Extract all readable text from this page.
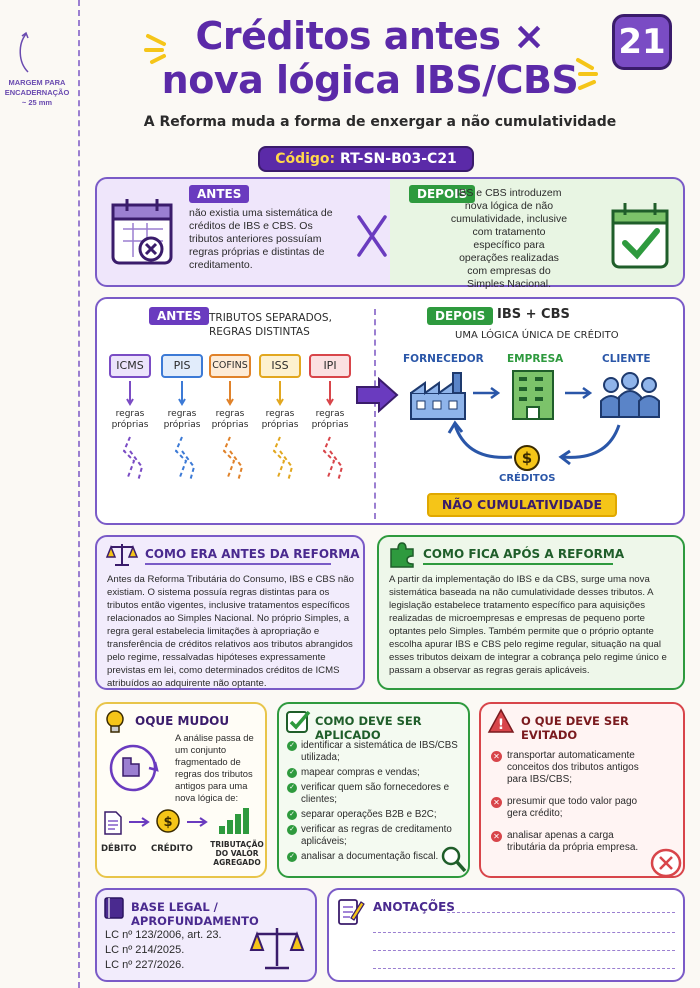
MARGEM PARA ENCADERNAÇÃO ~ 25 mm
Créditos antes ×
nova lógica IBS/CBS
21
A Reforma muda a forma de enxergar a não cumulatividade
Código: RT-SN-B03-C21
ANTES
não existia uma sistemática de créditos de IBS e CBS. Os tributos anteriores possuíam regras próprias e distintas de creditamento.
DEPOIS
IBS e CBS introduzem nova lógica de não cumulatividade, inclusive com tratamento específico para operações realizadas com empresas do Simples Nacional.
ANTES TRIBUTOS SEPARADOS,
REGRAS DISTINTAS
ICMS
regras próprias
PIS
regras próprias
COFINS
regras próprias
ISS
regras próprias
IPI
regras próprias
DEPOIS IBS + CBS
UMA LÓGICA ÚNICA DE CRÉDITO
FORNECEDOR EMPRESA	CLIENTE
$
CRÉDITOS
NÃO CUMULATIVIDADE
COMO ERA ANTES DA REFORMA
Antes da Reforma Tributária do Consumo, IBS e CBS não existiam. O sistema possuía regras distintas para os tributos então vigentes, inclusive tratamentos específicos relacionados ao Simples Nacional. No próprio Simples, a regra geral estabelecia limitações à apropriação e transferência de créditos relativos aos tributos abrangidos pelo regime, ressalvadas hipóteses expressamente previstas em lei, como determinados créditos de ICMS atribuídos ao adquirente não optante.
COMO FICA APÓS A REFORMA
A partir da implementação do IBS e da CBS, surge uma nova sistemática baseada na não cumulatividade desses tributos. A legislação estabelece tratamento específico para aquisições realizadas de microempresas e empresas de pequeno porte optantes pelo Simples. Também permite que o próprio optante escolha apurar IBS e CBS pelo regime regular, situação na qual esses tributos deixam de integrar a cobrança pelo regime único e passam a observar as regras gerais aplicáveis.
OQUE MUDOU
A análise passa de um conjunto fragmentado de regras dos tributos antigos para uma nova lógica de:
$
DÉBITO CRÉDITO TRIBUTAÇÃO DO VALOR AGREGADO
COMO DEVE SER APLICADO
✓ identificar a sistemática de IBS/CBS utilizada;
✓ mapear compras e vendas;
✓ verificar quem são fornecedores e clientes;
✓ separar operações B2B e B2C;
✓ verificar as regras de creditamento aplicáveis;
✓ analisar a documentação fiscal.
! O QUE DEVE SER EVITADO
✕ transportar automaticamente conceitos dos tributos antigos para IBS/CBS;
✕ presumir que todo valor pago gera crédito;
✕ analisar apenas a carga tributária da própria empresa.
BASE LEGAL / APROFUNDAMENTO
LC nº 123/2006, art. 23.
LC nº 214/2025.
LC nº 227/2026.
ANOTAÇÕES
